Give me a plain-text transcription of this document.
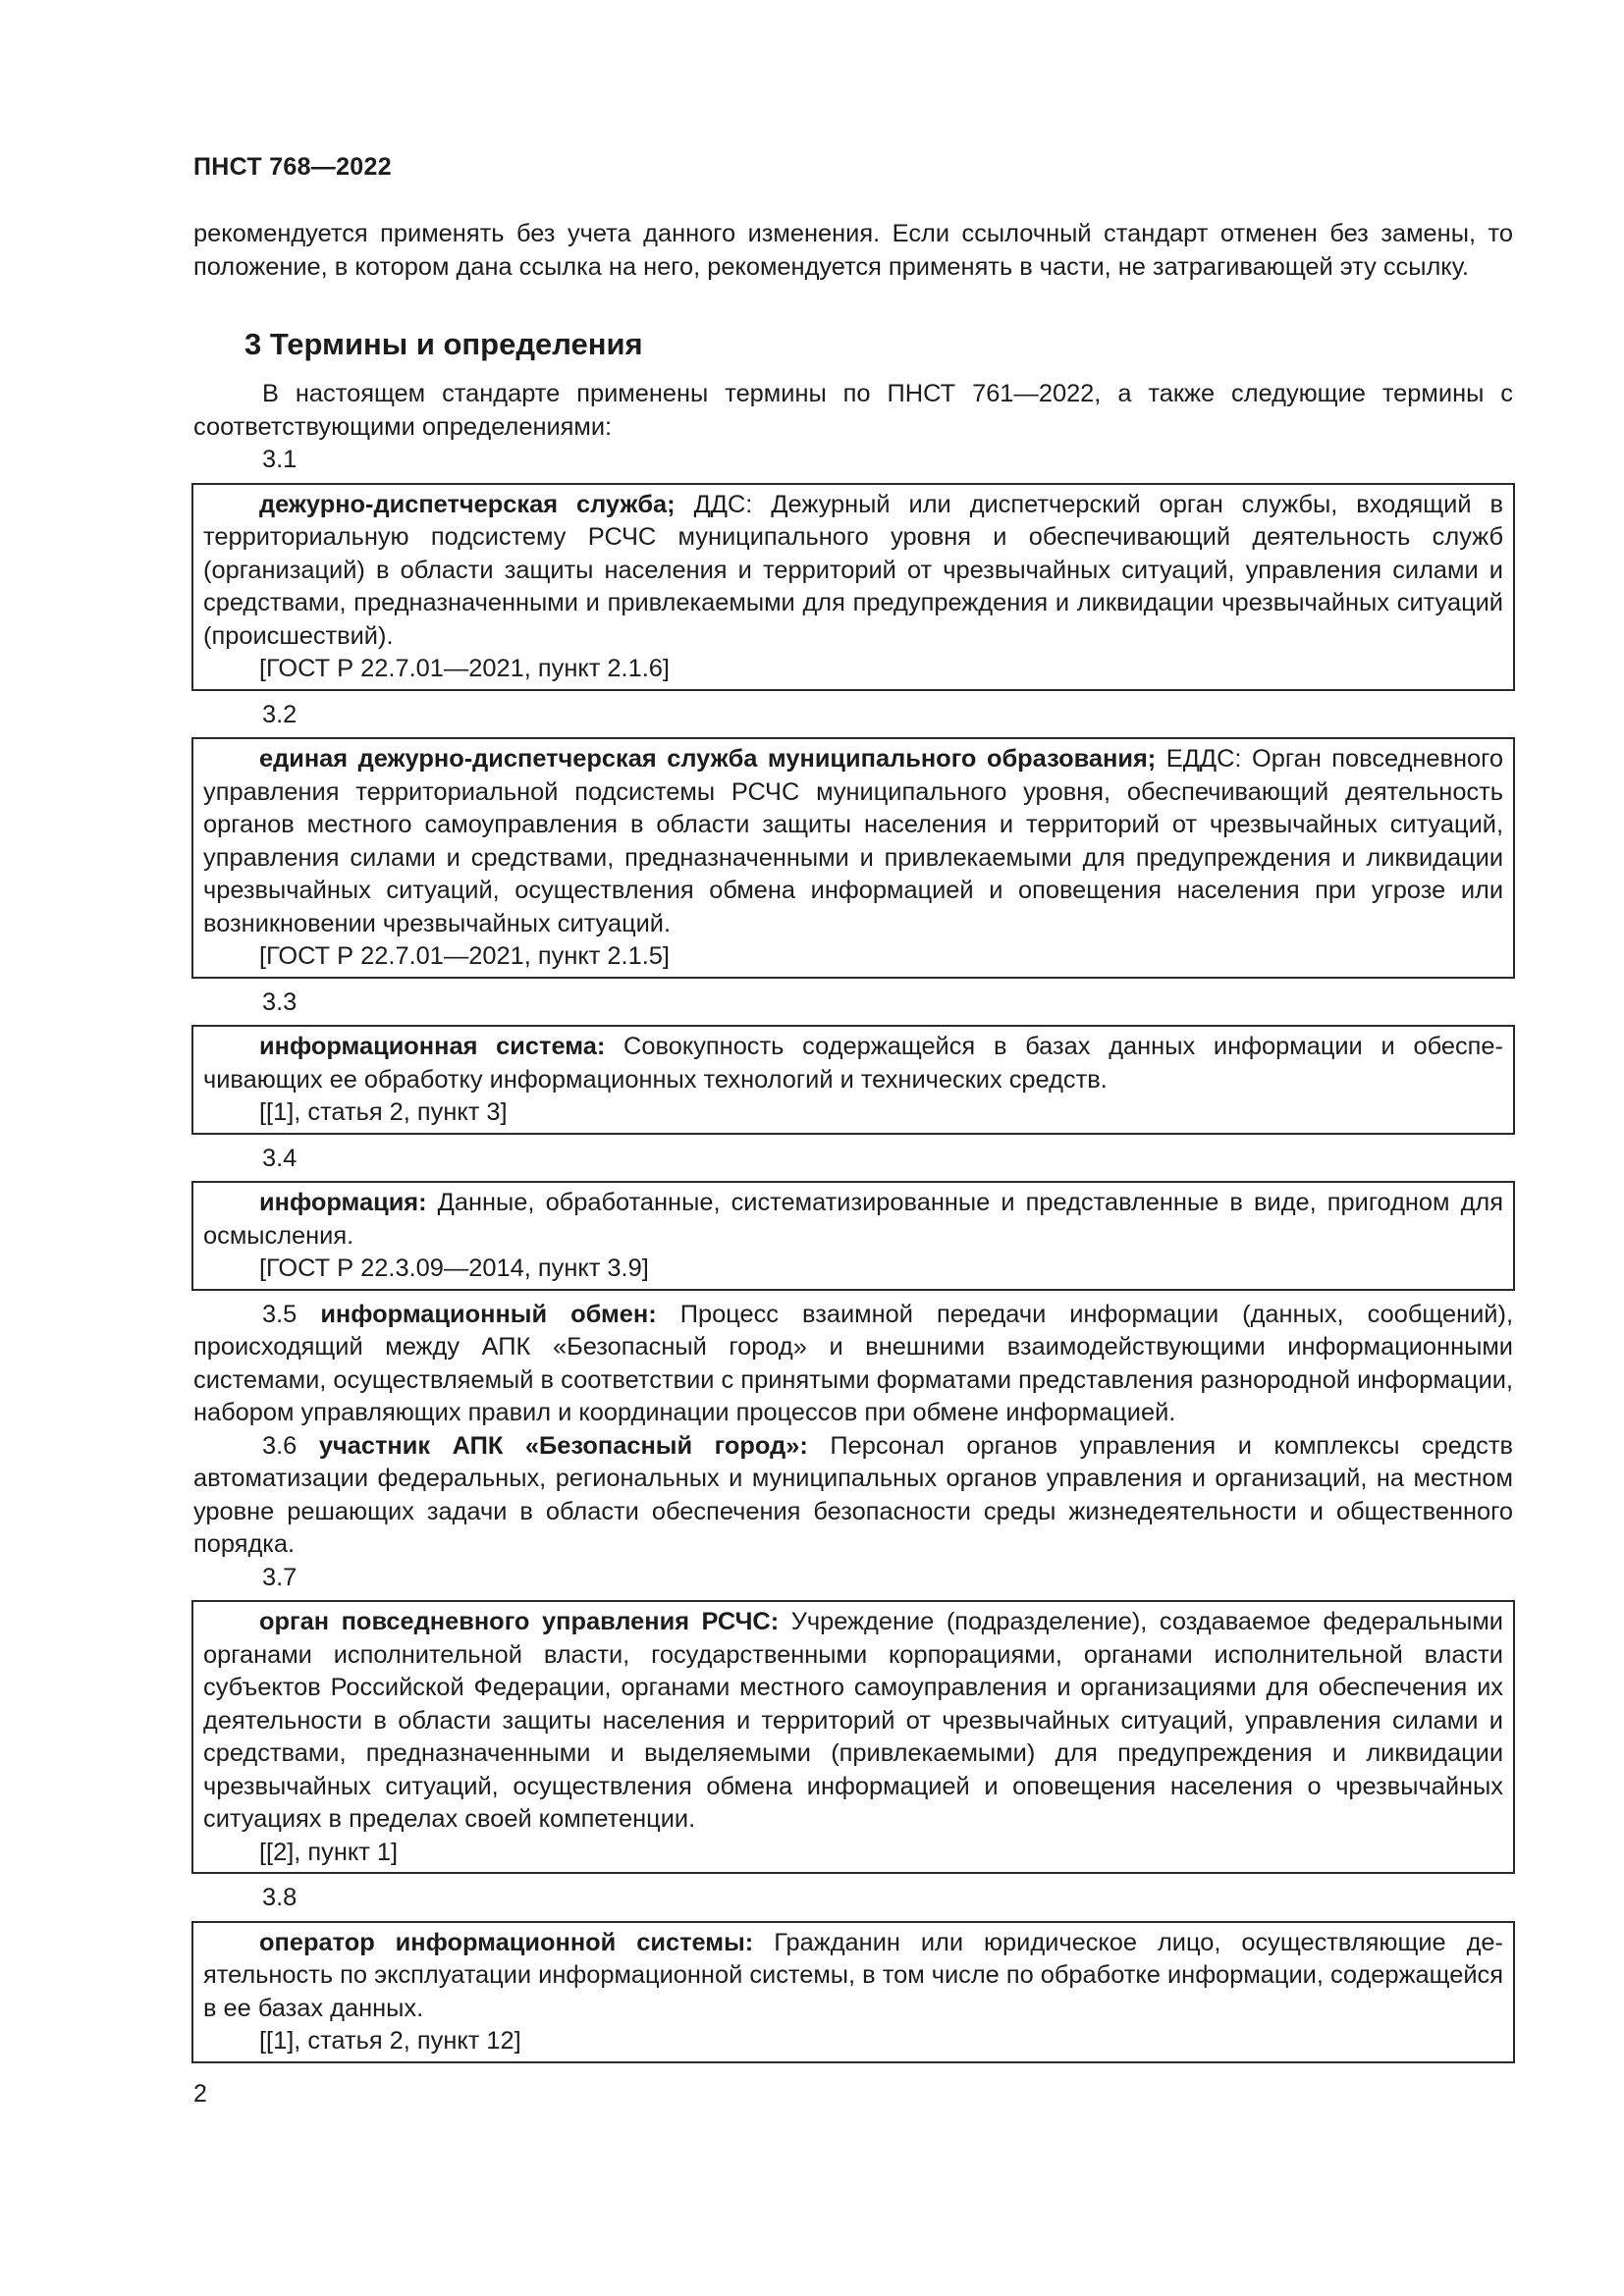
ПНСТ 768—2022

рекомендуется применять без учета данного изменения. Если ссылочный стандарт отменен без замены, то положение, в котором дана ссылка на него, рекомендуется применять в части, не затрагивающей эту ссылку.

3 Термины и определения

В настоящем стандарте применены термины по ПНСТ 761—2022, а также следующие термины с соответствующими определениями:

3.1

дежурно-диспетчерская служба; ДДС: Дежурный или диспетчерский орган службы, входящий в территориальную подсистему РСЧС муниципального уровня и обеспечивающий деятельность служб (организаций) в области защиты населения и территорий от чрезвычайных ситуаций, управления силами и средствами, предназначенными и привлекаемыми для предупреждения и ликвидации чрезвычайных ситуаций (происшествий).

[ГОСТ Р 22.7.01—2021, пункт 2.1.6]
3.2

единая дежурно-диспетчерская служба муниципального образования; ЕДДС: Орган повседневного управления территориальной подсистемы РСЧС муниципального уровня, обеспечивающий деятельность органов местного самоуправления в области защиты населения и территорий от чрезвычайных ситуаций, управления силами и средствами, предназначенными и привлекаемыми для предупреждения и ликвидации чрезвычайных ситуаций, осуществления обмена информацией и оповещения населения при угрозе или возникновении чрезвычайных ситуаций.

[ГОСТ Р 22.7.01—2021, пункт 2.1.5]
3.3

информационная система: Совокупность содержащейся в базах данных информации и обеспечивающих ее обработку информационных технологий и технических средств.

[[1], статья 2, пункт 3]
3.4

информация: Данные, обработанные, систематизированные и представленные в виде, пригодном для осмысления.

[ГОСТ Р 22.3.09—2014, пункт 3.9]

3.5 информационный обмен: Процесс взаимной передачи информации (данных, сообщений), происходящий между АПК «Безопасный город» и внешними взаимодействующими информационными системами, осуществляемый в соответствии с принятыми форматами представления разнородной информации, набором управляющих правил и координации процессов при обмене информацией.

3.6 участник АПК «Безопасный город»: Персонал органов управления и комплексы средств автоматизации федеральных, региональных и муниципальных органов управления и организаций, на местном уровне решающих задачи в области обеспечения безопасности среды жизнедеятельности и общественного порядка.

3.7

орган повседневного управления РСЧС: Учреждение (подразделение), создаваемое федеральными органами исполнительной власти, государственными корпорациями, органами исполнительной власти субъектов Российской Федерации, органами местного самоуправления и организациями для обеспечения их деятельности в области защиты населения и территорий от чрезвычайных ситуаций, управления силами и средствами, предназначенными и выделяемыми (привлекаемыми) для предупреждения и ликвидации чрезвычайных ситуаций, осуществления обмена информацией и оповещения населения о чрезвычайных ситуациях в пределах своей компетенции.

[[2], пункт 1]
3.8

оператор информационной системы: Гражданин или юридическое лицо, осуществляющие деятельность по эксплуатации информационной системы, в том числе по обработке информации, содержащейся в ее базах данных.

[[1], статья 2, пункт 12]
2
